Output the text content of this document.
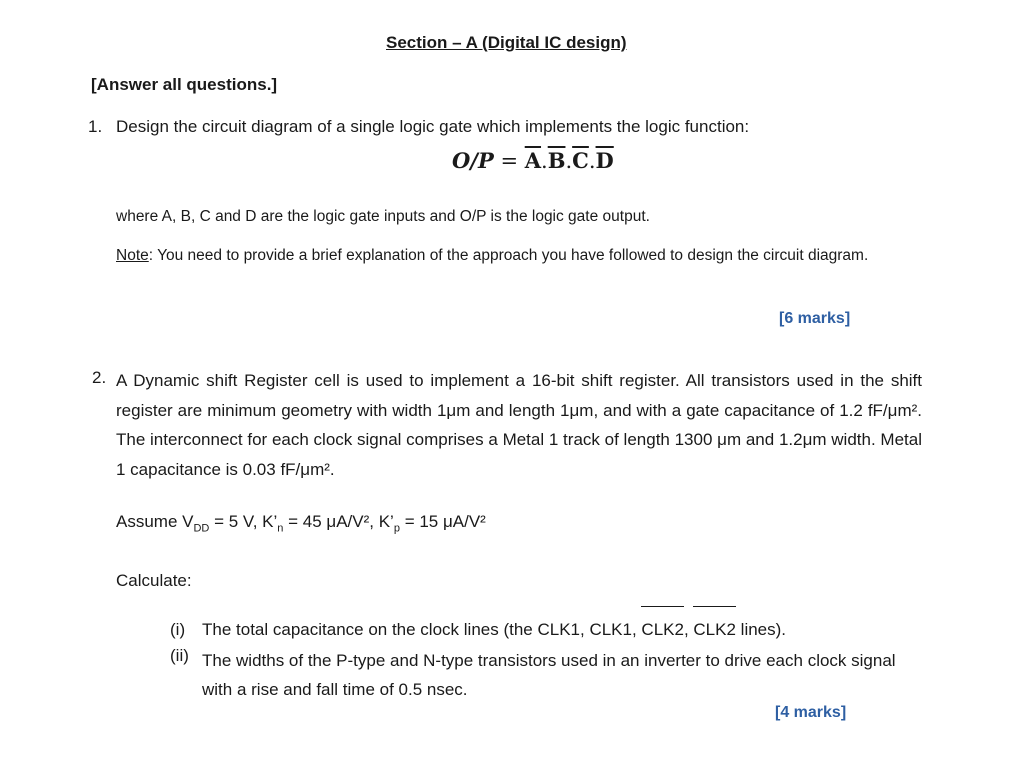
Section – A (Digital IC design)
[Answer all questions.]
1. Design the circuit diagram of a single logic gate which implements the logic function:
$O/P = \overline{A}.\overline{B}.\overline{C}.\overline{D}$
where A, B, C and D are the logic gate inputs and O/P is the logic gate output.
Note: You need to provide a brief explanation of the approach you have followed to design the circuit diagram.
[6 marks]
2. A Dynamic shift Register cell is used to implement a 16-bit shift register. All transistors used in the shift register are minimum geometry with width 1μm and length 1μm, and with a gate capacitance of 1.2 fF/μm². The interconnect for each clock signal comprises a Metal 1 track of length 1300 μm and 1.2μm width. Metal 1 capacitance is 0.03 fF/μm².
Assume $V_{DD} = 5$ V, $K’_n = 45$ μA/V², $K’_p = 15$ μA/V²
Calculate:
(i) The total capacitance on the clock lines (the CLK1, CLK1, CLK2, CLK2 lines).
(ii) The widths of the P-type and N-type transistors used in an inverter to drive each clock signal with a rise and fall time of 0.5 nsec.
[4 marks]
